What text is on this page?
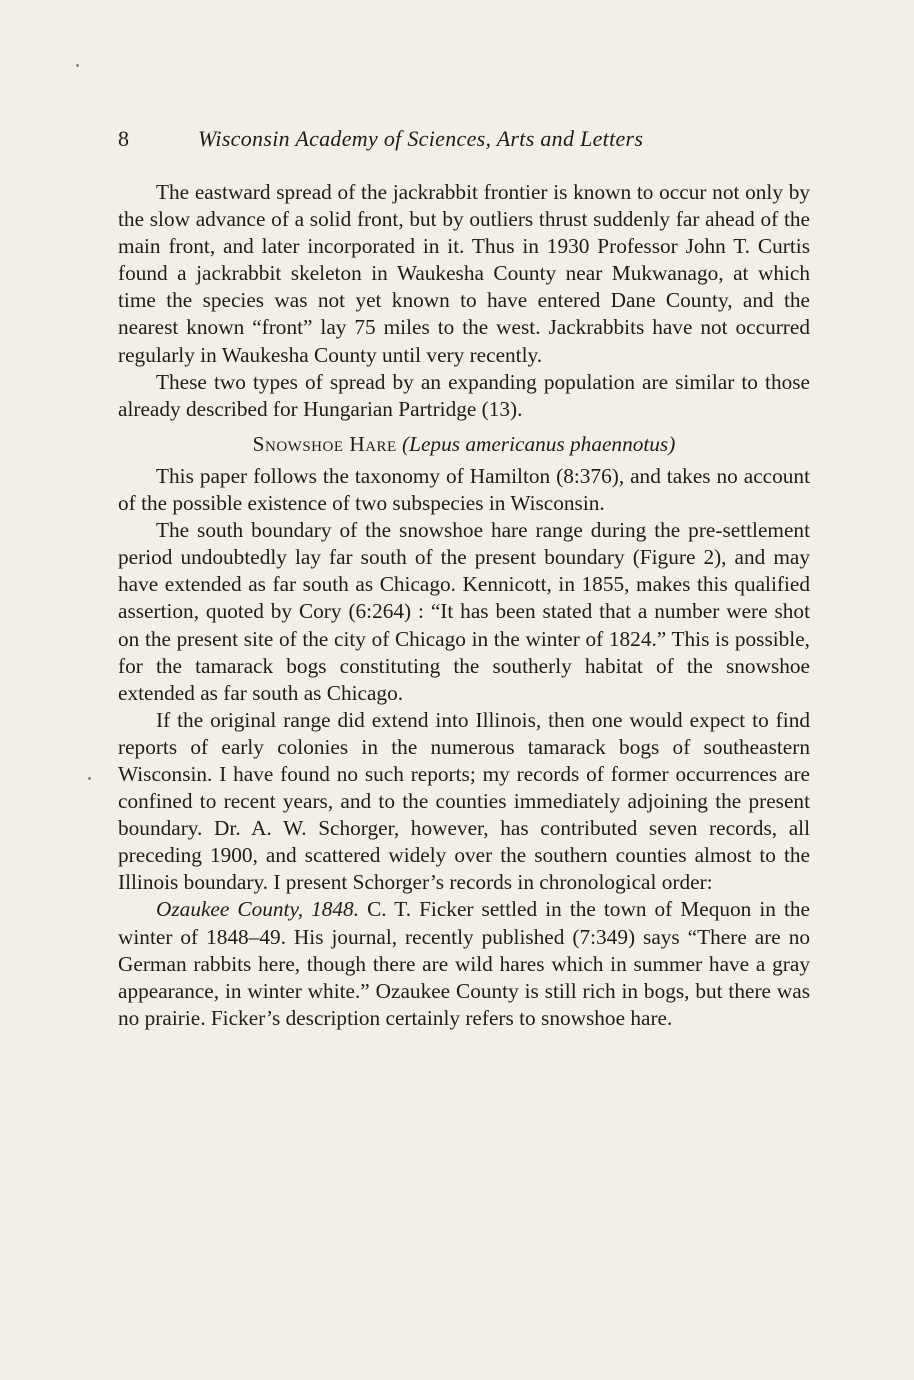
8	Wisconsin Academy of Sciences, Arts and Letters

The eastward spread of the jackrabbit frontier is known to occur not only by the slow advance of a solid front, but by outliers thrust suddenly far ahead of the main front, and later incorporated in it. Thus in 1930 Professor John T. Curtis found a jackrabbit skeleton in Waukesha County near Mukwanago, at which time the species was not yet known to have entered Dane County, and the nearest known “front” lay 75 miles to the west. Jackrabbits have not occurred regularly in Waukesha County until very recently.

These two types of spread by an expanding population are similar to those already described for Hungarian Partridge (13).

Snowshoe Hare (Lepus americanus phaennotus)

This paper follows the taxonomy of Hamilton (8:376), and takes no account of the possible existence of two subspecies in Wisconsin.

The south boundary of the snowshoe hare range during the pre-settlement period undoubtedly lay far south of the present boundary (Figure 2), and may have extended as far south as Chicago. Kennicott, in 1855, makes this qualified assertion, quoted by Cory (6:264) : “It has been stated that a number were shot on the present site of the city of Chicago in the winter of 1824.” This is possible, for the tamarack bogs constituting the southerly habitat of the snowshoe extended as far south as Chicago.

If the original range did extend into Illinois, then one would expect to find reports of early colonies in the numerous tamarack bogs of southeastern Wisconsin. I have found no such reports; my records of former occurrences are confined to recent years, and to the counties immediately adjoining the present boundary. Dr. A. W. Schorger, however, has contributed seven records, all preceding 1900, and scattered widely over the southern counties almost to the Illinois boundary. I present Schorger’s records in chronological order:

Ozaukee County, 1848. C. T. Ficker settled in the town of Mequon in the winter of 1848–49. His journal, recently published (7:349) says “There are no German rabbits here, though there are wild hares which in summer have a gray appearance, in winter white.” Ozaukee County is still rich in bogs, but there was no prairie. Ficker’s description certainly refers to snowshoe hare.
